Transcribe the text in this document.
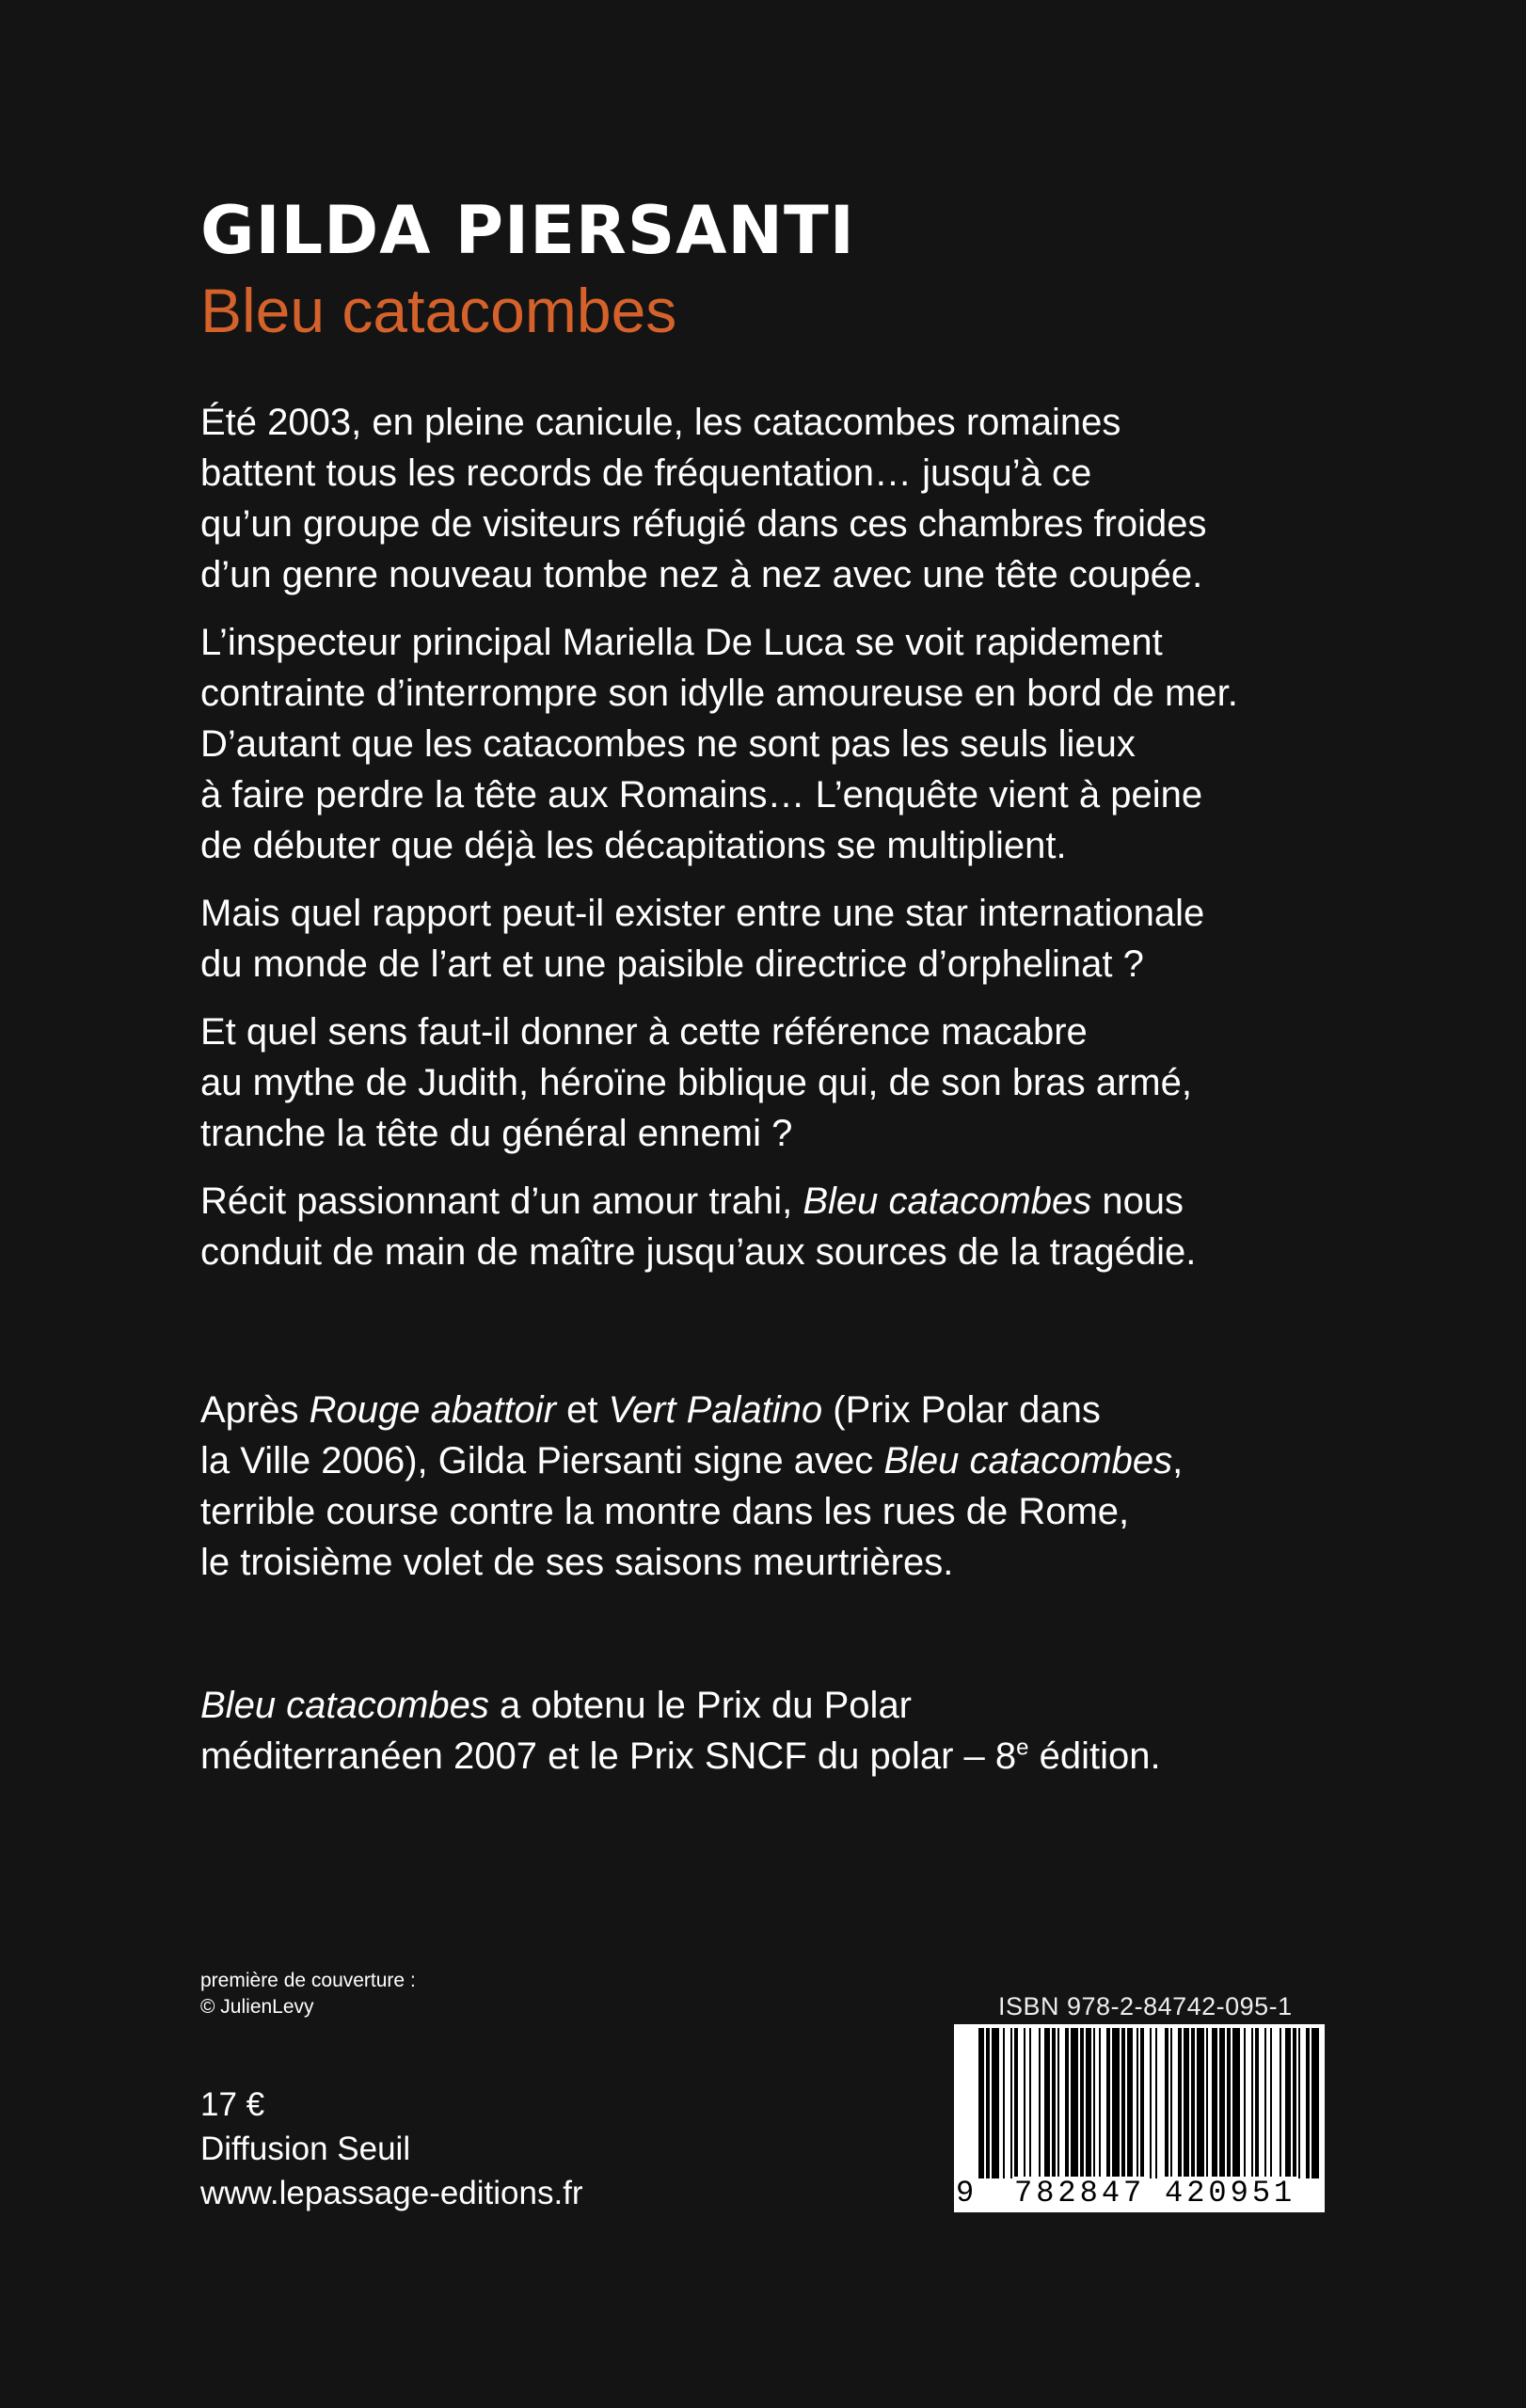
GILDA PIERSANTI
Bleu catacombes

Été 2003, en pleine canicule, les catacombes romaines
battent tous les records de fréquentation… jusqu’à ce
qu’un groupe de visiteurs réfugié dans ces chambres froides
d’un genre nouveau tombe nez à nez avec une tête coupée.

L’inspecteur principal Mariella De Luca se voit rapidement
contrainte d’interrompre son idylle amoureuse en bord de mer.
D’autant que les catacombes ne sont pas les seuls lieux
à faire perdre la tête aux Romains… L’enquête vient à peine
de débuter que déjà les décapitations se multiplient.

Mais quel rapport peut-il exister entre une star internationale
du monde de l’art et une paisible directrice d’orphelinat ?

Et quel sens faut-il donner à cette référence macabre
au mythe de Judith, héroïne biblique qui, de son bras armé,
tranche la tête du général ennemi ?

Récit passionnant d’un amour trahi, Bleu catacombes nous
conduit de main de maître jusqu’aux sources de la tragédie.

Après Rouge abattoir et Vert Palatino (Prix Polar dans
la Ville 2006), Gilda Piersanti signe avec Bleu catacombes,
terrible course contre la montre dans les rues de Rome,
le troisième volet de ses saisons meurtrières.
Bleu catacombes a obtenu le Prix du Polar
méditerranéen 2007 et le Prix SNCF du polar – 8e édition.
première de couverture :
© JulienLevy
17 €
Diffusion Seuil
www.lepassage-editions.fr
ISBN 978-2-84742-095-1
9 782847 420951
